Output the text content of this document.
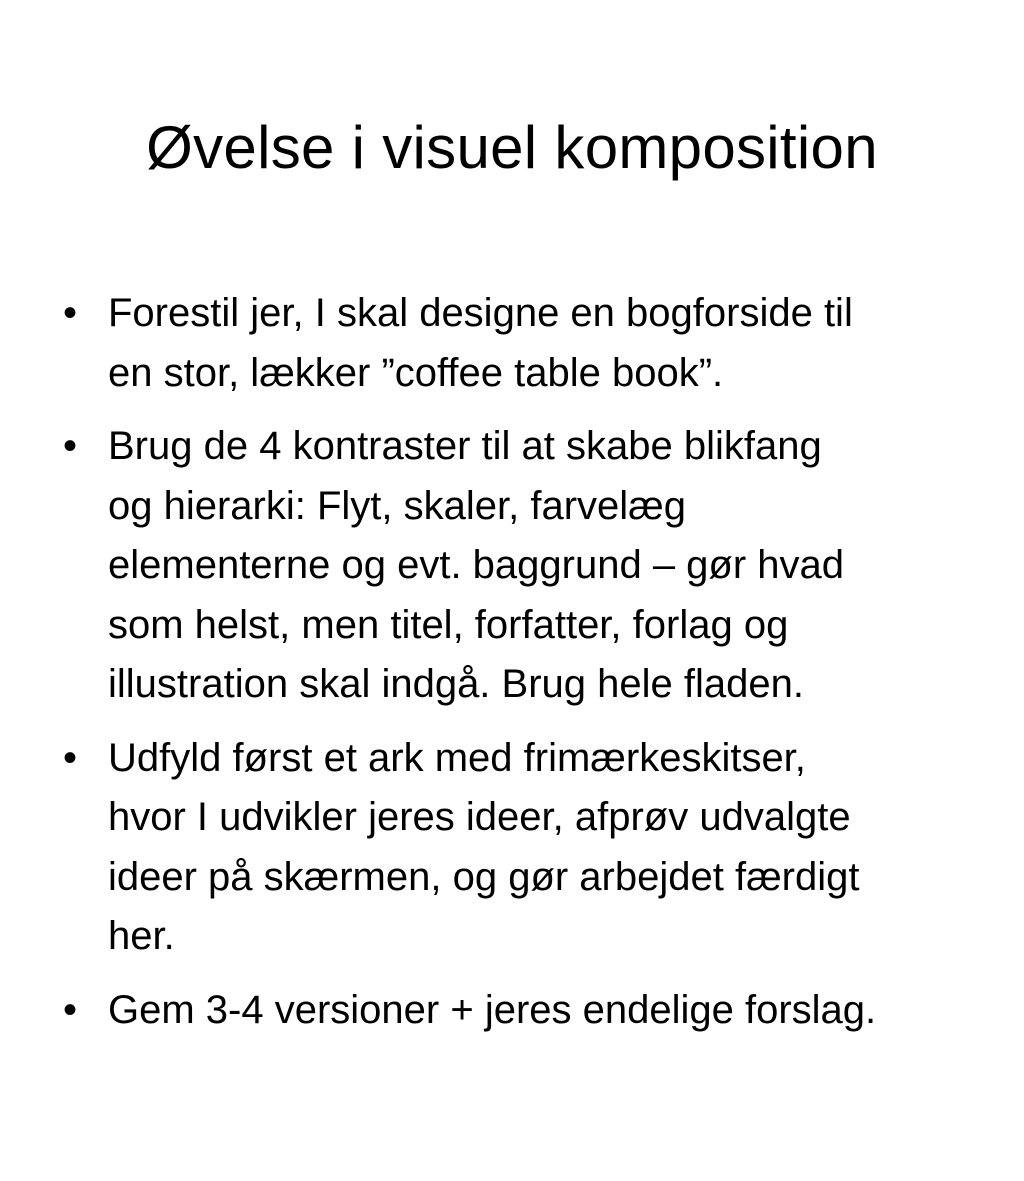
Øvelse i visuel komposition
• Forestil jer, I skal designe en bogforside til
en stor, lækker ”coffee table book”.
• Brug de 4 kontraster til at skabe blikfang
og hierarki: Flyt, skaler, farvelæg
elementerne og evt. baggrund – gør hvad
som helst, men titel, forfatter, forlag og
illustration skal indgå. Brug hele fladen.
• Udfyld først et ark med frimærkeskitser,
hvor I udvikler jeres ideer, afprøv udvalgte
ideer på skærmen, og gør arbejdet færdigt
her.
• Gem 3-4 versioner + jeres endelige forslag.
